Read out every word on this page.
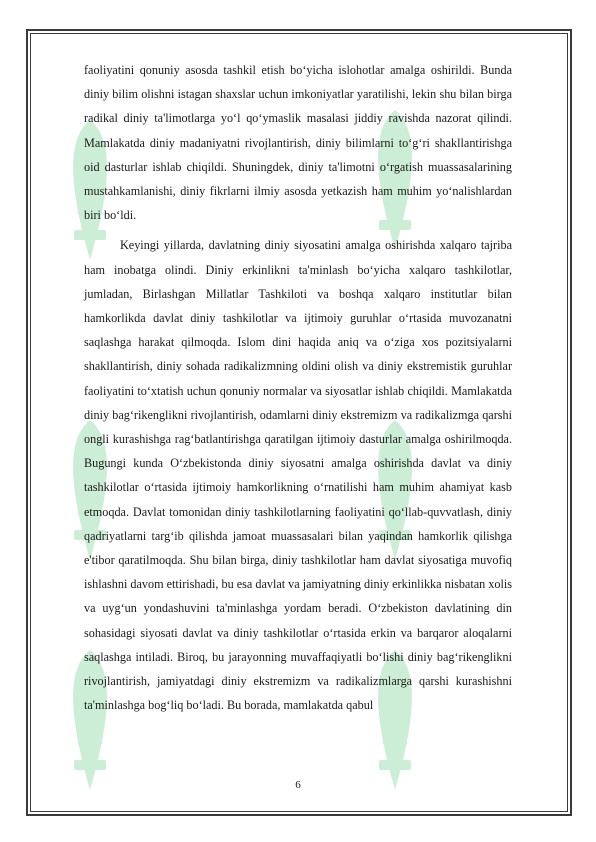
faoliyatini qonuniy asosda tashkil etish bo‘yicha islohotlar amalga oshirildi. Bunda diniy bilim olishni istagan shaxslar uchun imkoniyatlar yaratilishi, lekin shu bilan birga radikal diniy ta'limotlarga yo‘l qo‘ymaslik masalasi jiddiy ravishda nazorat qilindi. Mamlakatda diniy madaniyatni rivojlantirish, diniy bilimlarni to‘g‘ri shakllantirishga oid dasturlar ishlab chiqildi. Shuningdek, diniy ta'limotni o‘rgatish muassasalarining mustahkamlanishi, diniy fikrlarni ilmiy asosda yetkazish ham muhim yo‘nalishlardan biri bo‘ldi.

Keyingi yillarda, davlatning diniy siyosatini amalga oshirishda xalqaro tajriba ham inobatga olindi. Diniy erkinlikni ta'minlash bo‘yicha xalqaro tashkilotlar, jumladan, Birlashgan Millatlar Tashkiloti va boshqa xalqaro institutlar bilan hamkorlikda davlat diniy tashkilotlar va ijtimoiy guruhlar o‘rtasida muvozanatni saqlashga harakat qilmoqda. Islom dini haqida aniq va o‘ziga xos pozitsiyalarni shakllantirish, diniy sohada radikalizmning oldini olish va diniy ekstremistik guruhlar faoliyatini to‘xtatish uchun qonuniy normalar va siyosatlar ishlab chiqildi. Mamlakatda diniy bag‘rikenglikni rivojlantirish, odamlarni diniy ekstremizm va radikalizmga qarshi ongli kurashishga rag‘batlantirishga qaratilgan ijtimoiy dasturlar amalga oshirilmoqda. Bugungi kunda O‘zbekistonda diniy siyosatni amalga oshirishda davlat va diniy tashkilotlar o‘rtasida ijtimoiy hamkorlikning o‘rnatilishi ham muhim ahamiyat kasb etmoqda. Davlat tomonidan diniy tashkilotlarning faoliyatini qo‘llab-quvvatlash, diniy qadriyatlarni targ‘ib qilishda jamoat muassasalari bilan yaqindan hamkorlik qilishga e'tibor qaratilmoqda. Shu bilan birga, diniy tashkilotlar ham davlat siyosatiga muvofiq ishlashni davom ettirishadi, bu esa davlat va jamiyatning diniy erkinlikka nisbatan xolis va uyg‘un yondashuvini ta'minlashga yordam beradi. O‘zbekiston davlatining din sohasidagi siyosati davlat va diniy tashkilotlar o‘rtasida erkin va barqaror aloqalarni saqlashga intiladi. Biroq, bu jarayonning muvaffaqiyatli bo‘lishi diniy bag‘rikenglikni rivojlantirish, jamiyatdagi diniy ekstremizm va radikalizmlarga qarshi kurashishni ta'minlashga bog‘liq bo‘ladi. Bu borada, mamlakatda qabul

6
